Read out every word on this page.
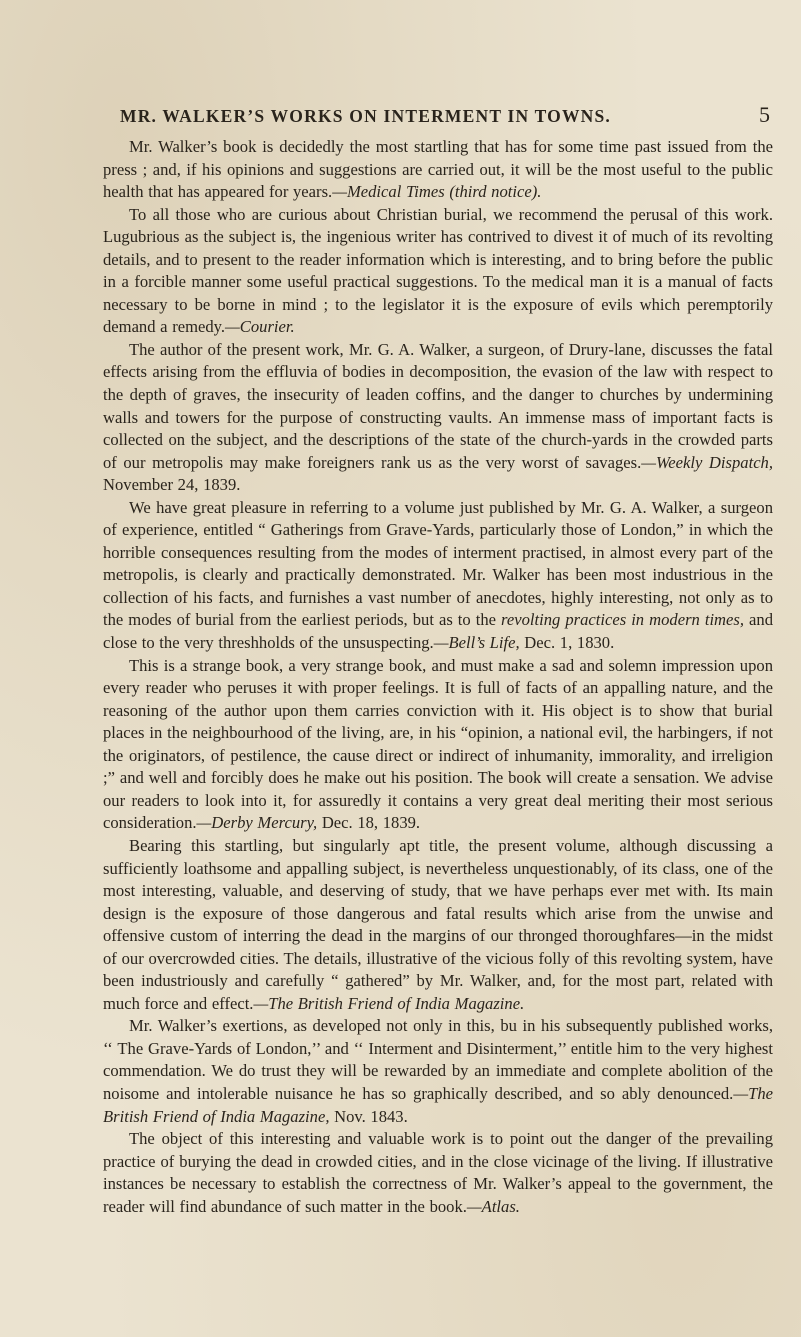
MR. WALKER’S WORKS ON INTERMENT IN TOWNS.	5

Mr. Walker’s book is decidedly the most startling that has for some time past issued from the press ; and, if his opinions and suggestions are carried out, it will be the most useful to the public health that has appeared for years.—Medical Times (third notice).

To all those who are curious about Christian burial, we recommend the perusal of this work. Lugubrious as the subject is, the ingenious writer has contrived to divest it of much of its revolting details, and to present to the reader information which is interesting, and to bring before the public in a forcible manner some useful practical suggestions. To the medical man it is a manual of facts necessary to be borne in mind ; to the legislator it is the exposure of evils which peremptorily demand a remedy.—Courier.

The author of the present work, Mr. G. A. Walker, a surgeon, of Drury-lane, discusses the fatal effects arising from the effluvia of bodies in decomposition, the evasion of the law with respect to the depth of graves, the insecurity of leaden coffins, and the danger to churches by undermining walls and towers for the purpose of constructing vaults. An immense mass of important facts is collected on the subject, and the descriptions of the state of the church-yards in the crowded parts of our metropolis may make foreigners rank us as the very worst of savages.—Weekly Dispatch, November 24, 1839.

We have great pleasure in referring to a volume just published by Mr. G. A. Walker, a surgeon of experience, entitled “ Gatherings from Grave-Yards, particularly those of London,” in which the horrible consequences resulting from the modes of interment practised, in almost every part of the metropolis, is clearly and practically demonstrated. Mr. Walker has been most industrious in the collection of his facts, and furnishes a vast number of anecdotes, highly interesting, not only as to the modes of burial from the earliest periods, but as to the revolting practices in modern times, and close to the very threshholds of the unsuspecting.—Bell’s Life, Dec. 1, 1830.

This is a strange book, a very strange book, and must make a sad and solemn impression upon every reader who peruses it with proper feelings. It is full of facts of an appalling nature, and the reasoning of the author upon them carries conviction with it. His object is to show that burial places in the neighbourhood of the living, are, in his “opinion, a national evil, the harbingers, if not the originators, of pestilence, the cause direct or indirect of inhumanity, immorality, and irreligion ;” and well and forcibly does he make out his position. The book will create a sensation. We advise our readers to look into it, for assuredly it contains a very great deal meriting their most serious consideration.—Derby Mercury, Dec. 18, 1839.

Bearing this startling, but singularly apt title, the present volume, although discussing a sufficiently loathsome and appalling subject, is nevertheless unquestionably, of its class, one of the most interesting, valuable, and deserving of study, that we have perhaps ever met with. Its main design is the exposure of those dangerous and fatal results which arise from the unwise and offensive custom of interring the dead in the margins of our thronged thoroughfares—in the midst of our overcrowded cities. The details, illustrative of the vicious folly of this revolting system, have been industriously and carefully “ gathered” by Mr. Walker, and, for the most part, related with much force and effect.—The British Friend of India Magazine.

Mr. Walker’s exertions, as developed not only in this, bu in his subsequently published works, ‘‘ The Grave-Yards of London,’’ and ‘‘ Interment and Disinterment,’’ entitle him to the very highest commendation. We do trust they will be rewarded by an immediate and complete abolition of the noisome and intolerable nuisance he has so graphically described, and so ably denounced.—The British Friend of India Magazine, Nov. 1843.

The object of this interesting and valuable work is to point out the danger of the prevailing practice of burying the dead in crowded cities, and in the close vicinage of the living. If illustrative instances be necessary to establish the correctness of Mr. Walker’s appeal to the government, the reader will find abundance of such matter in the book.—Atlas.
